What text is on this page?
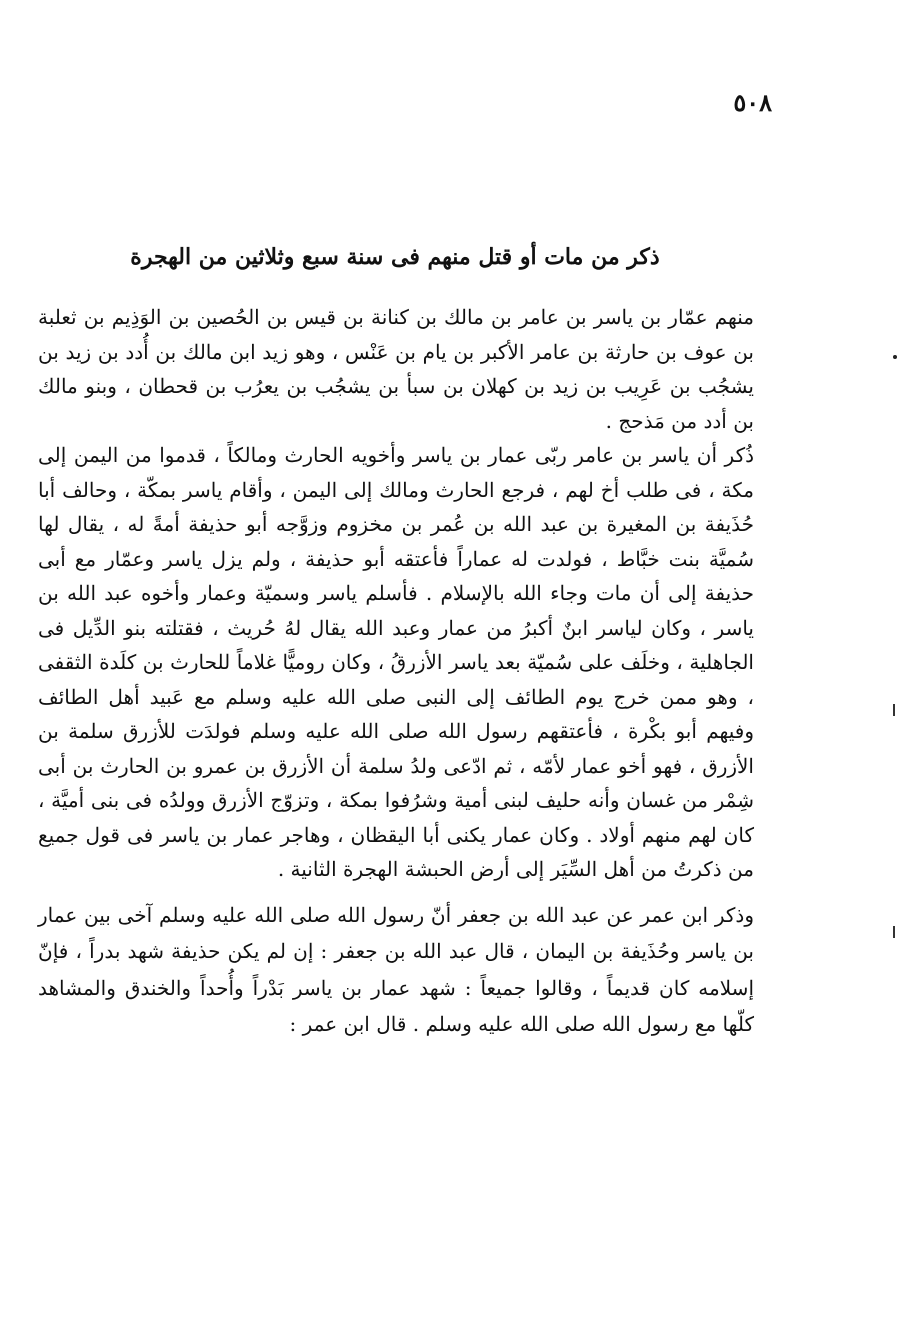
٥٠٨
ذكر من مات أو قتل منهم فى سنة سبع وثلاثين من الهجرة

منهم عمّار بن ياسر بن عامر بن مالك بن كنانة بن قيس بن الحُصين بن الوَذِيم بن ثعلبة بن عوف بن حارثة بن عامر الأكبر بن يام بن عَنْس ، وهو زيد ابن مالك بن أُدد بن زيد بن يشجُب بن عَرِيب بن زيد بن كهلان بن سبأ بن يشجُب بن يعرُب بن قحطان ، وبنو مالك بن أدد من مَذحج .

ذُكر أن ياسر بن عامر ربّى عمار بن ياسر وأخويه الحارث ومالكاً ، قدموا من اليمن إلى مكة ، فى طلب أخ لهم ، فرجع الحارث ومالك إلى اليمن ، وأقام ياسر بمكّة ، وحالف أبا حُذَيفة بن المغيرة بن عبد الله بن عُمر بن مخزوم وزوَّجه أبو حذيفة أمةً له ، يقال لها سُميَّة بنت خبَّاط ، فولدت له عماراً فأعتقه أبو حذيفة ، ولم يزل ياسر وعمّار مع أبى حذيفة إلى أن مات وجاء الله بالإسلام . فأسلم ياسر وسميّة وعمار وأخوه عبد الله بن ياسر ، وكان لياسر ابنٌ أكبرُ من عمار وعبد الله يقال لهُ حُريث ، فقتلته بنو الدِّيل فى الجاهلية ، وخلَف على سُميّة بعد ياسر الأزرقُ ، وكان روميًّا غلاماً للحارث بن كلَدة الثقفى ، وهو ممن خرج يوم الطائف إلى النبى صلى الله عليه وسلم مع عَبيد أهل الطائف وفيهم أبو بكْرة ، فأعتقهم رسول الله صلى الله عليه وسلم فولدَت للأزرق سلمة بن الأزرق ، فهو أخو عمار لأمّه ، ثم ادّعى ولدُ سلمة أن الأزرق بن عمرو بن الحارث بن أبى شِمْر من غسان وأنه حليف لبنى أمية وشرُفوا بمكة ، وتزوّج الأزرق وولدُه فى بنى أميَّة ، كان لهم منهم أولاد . وكان عمار يكنى أبا اليقظان ، وهاجر عمار بن ياسر فى قول جميع من ذكرتُ من أهل السِّيَر إلى أرض الحبشة الهجرة الثانية .

وذكر ابن عمر عن عبد الله بن جعفر أنّ رسول الله صلى الله عليه وسلم آخى بين عمار بن ياسر وحُذَيفة بن اليمان ، قال عبد الله بن جعفر : إن لم يكن حذيفة شهد بدراً ، فإنّ إسلامه كان قديماً ، وقالوا جميعاً : شهد عمار بن ياسر بَدْراً وأُحداً والخندق والمشاهد كلّها مع رسول الله صلى الله عليه وسلم . قال ابن عمر :
